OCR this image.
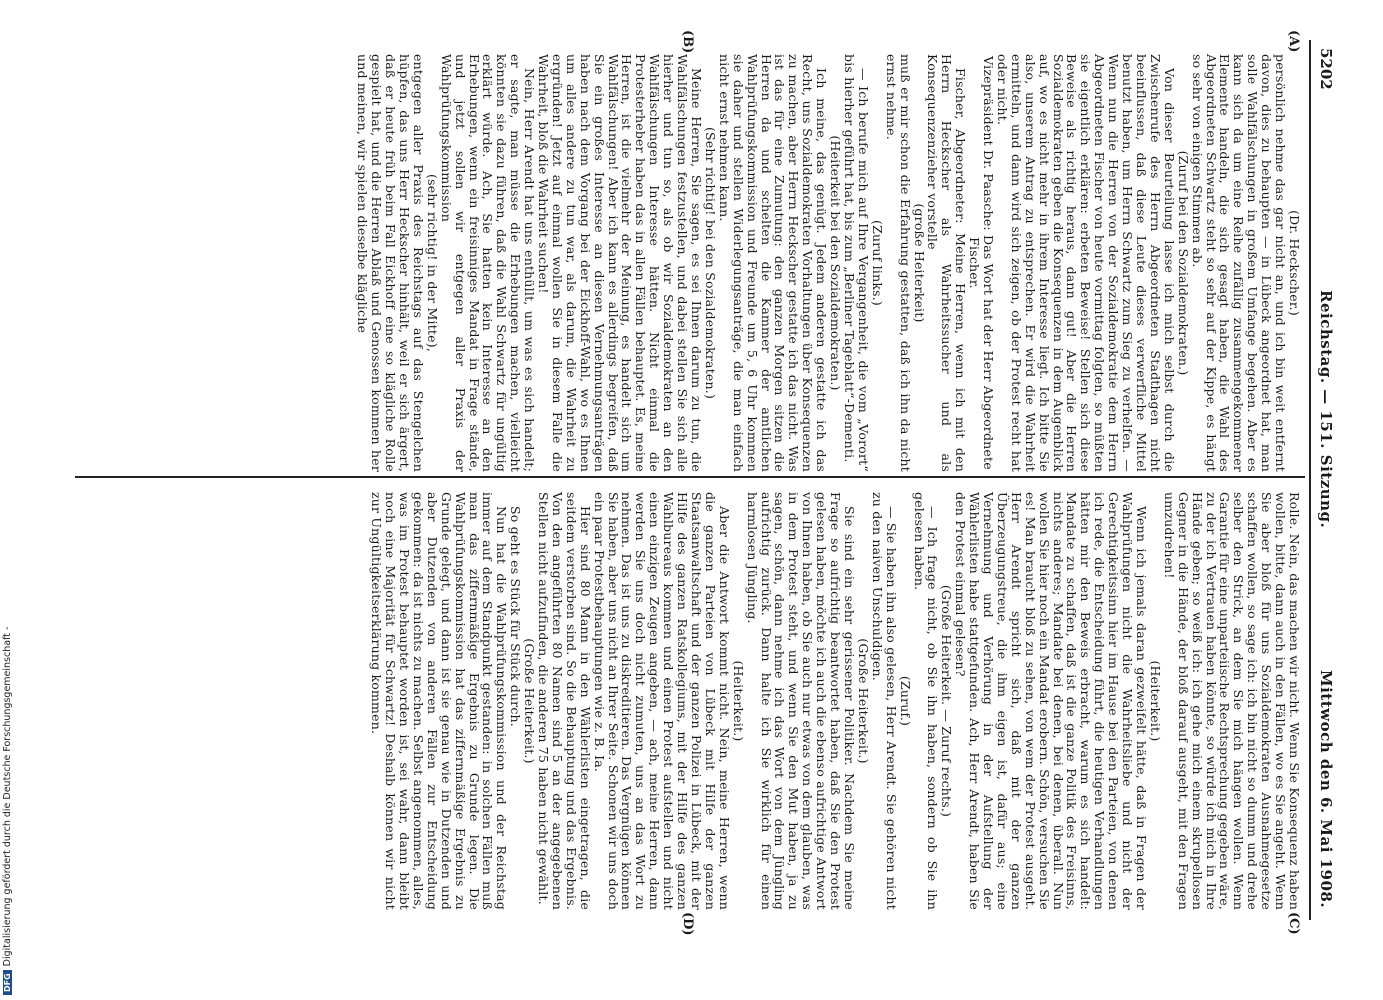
DFGDigitalisierung gefördert durch die Deutsche Forschungsgemeinschaft -
5202
Reichstag. — 151. Sitzung.
Mittwoch den 6. Mai 1908.
(A)
(B)
(C)
(D)

(Dr. Heckscher.)

persönlich nehme das gar nicht an, und ich bin weit entfernt davon, dies zu behaupten — in Lübeck angeordnet hat, man solle Wahlfälschungen in großem Umfange begehen. Aber es kann sich da um eine Reihe zufällig zusammengekommener Elemente handeln, die sich gesagt haben, die Wahl des Abgeordneten Schwartz steht so sehr auf der Kippe, es hängt so sehr von einigen Stimmen ab.

(Zuruf bei den Sozialdemokraten.)

Von dieser Beurteilung lasse ich mich selbst durch die Zwischenrufe des Herrn Abgeordneten Stadthagen nicht beeinflussen, daß diese Leute dieses verwerfliche Mittel benutzt haben, um Herrn Schwartz zum Sieg zu verhelfen. — Wenn nun die Herren von der Sozialdemokratie dem Herrn Abgeordneten Fischer von heute vormittag folgten, so müßten sie eigentlich erklären: erbeten Beweise! Stellen sich diese Beweise als richtig heraus, dann gut! Aber die Herren Sozialdemokraten geben die Konsequenzen in dem Augenblick auf, wo es nicht mehr in ihrem Interesse liegt. Ich bitte Sie also, unserem Antrag zu entsprechen. Er wird die Wahrheit ermitteln, und dann wird sich zeigen, ob der Protest recht hat oder nicht.

Vizepräsident Dr. Paasche: Das Wort hat der Herr Abgeordnete Fischer.

Fischer, Abgeordneter: Meine Herren, wenn ich mit den Herrn Heckscher als Wahrheitssucher und als Konsequenzenzieher vorstelle

(große Heiterkeit)

muß er mir schon die Erfahrung gestatten, daß ich ihn da nicht ernst nehme.

(Zuruf links.)

— Ich berufe mich auf Ihre Vergangenheit, die vom „Vorort“ bis hierher geführt hat, bis zum „Berliner Tageblatt“-Dementi.

(Heiterkeit bei den Sozialdemokraten.)

Ich meine, das genügt. Jedem anderen gestatte ich das Recht, uns Sozialdemokraten Vorhaltungen über Konsequenzen zu machen, aber Herrn Heckscher gestatte ich das nicht. Was ist das für eine Zumutung: den ganzen Morgen sitzen die Herren da und schelten die Kammer der amtlichen Wahlprüfungskommission und Freunde um 5, 6 Uhr kommen sie daher und stellen Widerlegungsanträge, die man einfach nicht ernst nehmen kann.

(Sehr richtig! bei den Sozialdemokraten.)

Meine Herren, Sie sagen, es sei Ihnen darum zu tun, die Wahlfälschungen festzustellen, und dabei stellen Sie sich alle hierher und tun so, als ob wir Sozialdemokraten an den Wahlfälschungen Interesse hätten. Nicht einmal die Protesterheber haben das in allen Fällen behauptet. Es, meine Herren, ist die vielmehr der Meinung, es handelt sich um Wahlfälschungen! Aber ich kann es allerdings begreifen, daß Sie ein großes Interesse an diesen Vernehmungsanträgen haben nach dem Vorgang bei der Eickhoff-Wahl, wo es Ihnen um alles andere zu tun war, als darum, die Wahrheit zu ergründen! Jetzt auf einmal wollen Sie in diesem Falle die Wahrheit, bloß die Wahrheit suchen!

Nein, Herr Arendt hat uns enthüllt, um was es sich handelt; er sagte, man müsse die Erhebungen machen, vielleicht könnten sie dazu führen, daß die Wahl Schwartz für ungültig erklärt würde. Ach, Sie hatten kein Interesse an den Erhebungen, wenn ein freisinniges Mandat in Frage stände, und jetzt sollen wir entgegen aller Praxis der Wahlprüfungskommission

(sehr richtig! in der Mitte),

entgegen aller Praxis des Reichstags auf das Stengelchen hüpfen, das uns Herr Heckscher hinhält, weil er sich ärgert, daß er heute früh beim Fall Eickhoff eine so klägliche Rolle gespielt hat, und die Herren Ablaß und Genossen kommen her und meinen, wir spielen dieselbe klägliche

Rolle. Nein, das machen wir nicht. Wenn Sie Konsequenz haben wollen, bitte, dann auch in den Fällen, wo es Sie angeht. Wenn Sie aber bloß für uns Sozialdemokraten Ausnahmegesetze schaffen wollen, so sage ich: ich bin nicht so dumm und drehe selber den Strick, an dem Sie mich hängen wollen. Wenn Garantie für eine unparteiische Rechtsprechung gegeben wäre, zu der ich Vertrauen haben könnte, so würde ich mich in Ihre Hände geben; so weiß ich: ich gehe mich einem skrupellosen Gegner in die Hände, der bloß darauf ausgeht, mit den Fragen umzudrehen!

(Heiterkeit.)

Wenn ich jemals daran gezweifelt hätte, daß in Fragen der Wahlprüfungen nicht die Wahrheitsliebe und nicht der Gerechtigkeitssinn hier im Hause bei den Parteien, von denen ich rede, die Entscheidung führt, die heutigen Verhandlungen hätten mir den Beweis erbracht, warum es sich handelt: Mandate zu schaffen, daß ist die ganze Politik des Freisinns, nichts anderes; Mandate bei denen, bei denen, überall. Nun wollen Sie hier noch ein Mandat erobern. Schön, versuchen Sie es! Man braucht bloß zu sehen, von wem der Protest ausgeht. Herr Arendt spricht sich, daß mit der ganzen Überzeugungstreue, die ihm eigen ist, dafür aus; eine Vernehmung und Verhörung in der Aufstellung der Wählerlisten habe stattgefunden. Ach, Herr Arendt, haben Sie den Protest einmal gelesen?

(Große Heiterkeit. — Zuruf rechts.)

— Ich frage nicht, ob Sie ihn haben, sondern ob Sie ihn gelesen haben.

(Zuruf.)

— Sie haben ihn also gelesen, Herr Arendt. Sie gehören nicht zu den naiven Unschuldigen.

(Große Heiterkeit.)

Sie sind ein sehr gerissener Politiker. Nachdem Sie meine Frage so aufrichtig beantwortet haben, daß Sie den Protest gelesen haben, möchte ich auch die ebenso aufrichtige Antwort von Ihnen haben, ob Sie auch nur etwas von dem glauben, was in dem Protest steht, und wenn Sie den Mut haben, ja zu sagen, schön, dann nehme ich das Wort von dem Jüngling aufrichtig zurück. Dann halte ich Sie wirklich für einen harmlosen Jüngling.

(Heiterkeit.)

Aber die Antwort kommt nicht. Nein, meine Herren, wenn die ganzen Parteien von Lübeck mit Hilfe der ganzen Staatsanwaltschaft und der ganzen Polizei in Lübeck, mit der Hilfe des ganzen Ratskollegiums, mit der Hilfe des ganzen Wahlbureaus kommen und einen Protest aufstellen und nicht einen einzigen Zeugen angeben, — ach, meine Herren, dann werden Sie uns doch nicht zumuten, uns an das Wort zu nehmen. Das ist uns zu diskreditieren. Das Vergnügen können Sie haben, aber uns nicht an Ihrer Seite. Schonen wir uns doch ein paar Protestbehauptungen wie z. B. Ia.

Hier sind 80 Mann in den Wählerlisten eingetragen, die seitdem verstorben sind. So die Behauptung und das Ergebnis. Von den angeführten 80 Namen sind 5 an der angegebenen Stellen nicht aufzufinden, die anderen 75 haben nicht gewählt.

(Große Heiterkeit.)

So geht es Stück für Stück durch.

Nun hat die Wahlprüfungskommission und der Reichstag immer auf dem Standpunkt gestanden: in solchen Fällen muß man das ziffernmäßige Ergebnis zu Grunde legen. Die Wahlprüfungskommission hat das ziffernmäßige Ergebnis zu Grunde gelegt, und dann ist sie genau wie in Dutzenden und aber Dutzenden von anderen Fällen zur Entscheidung gekommen: da ist nichts zu machen. Selbst angenommen, alles, was im Protest behauptet worden ist, sei wahr, dann bleibt noch eine Majorität für Schwartz! Deshalb können wir nicht zur Ungültigkeitserklärung kommen.
